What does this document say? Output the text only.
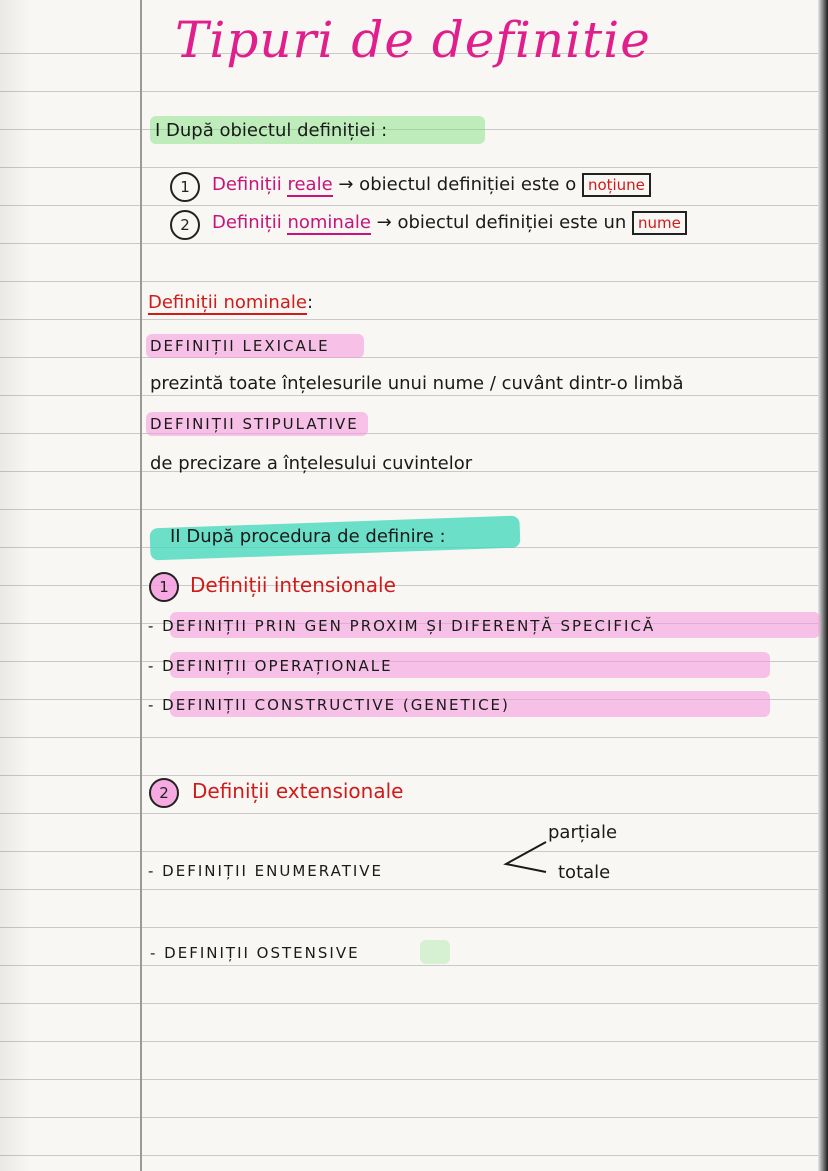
Tipuri de definitie
I După obiectul definiției :
1	Definiții reale → obiectul definiției este o noțiune
2	Definiții nominale → obiectul definiției este un nume
Definiții nominale:
DEFINIȚII LEXICALE
prezintă toate înțelesurile unui nume / cuvânt dintr-o limbă
DEFINIȚII STIPULATIVE
de precizare a înțelesului cuvintelor
II După procedura de definire :
1	Definiții intensionale
- DEFINIȚII PRIN GEN PROXIM ȘI DIFERENȚĂ SPECIFICĂ
- DEFINIȚII OPERAȚIONALE
- DEFINIȚII CONSTRUCTIVE (GENETICE)
2	Definiții extensionale
parțiale
- DEFINIȚII ENUMERATIVE	totale
- DEFINIȚII OSTENSIVE
